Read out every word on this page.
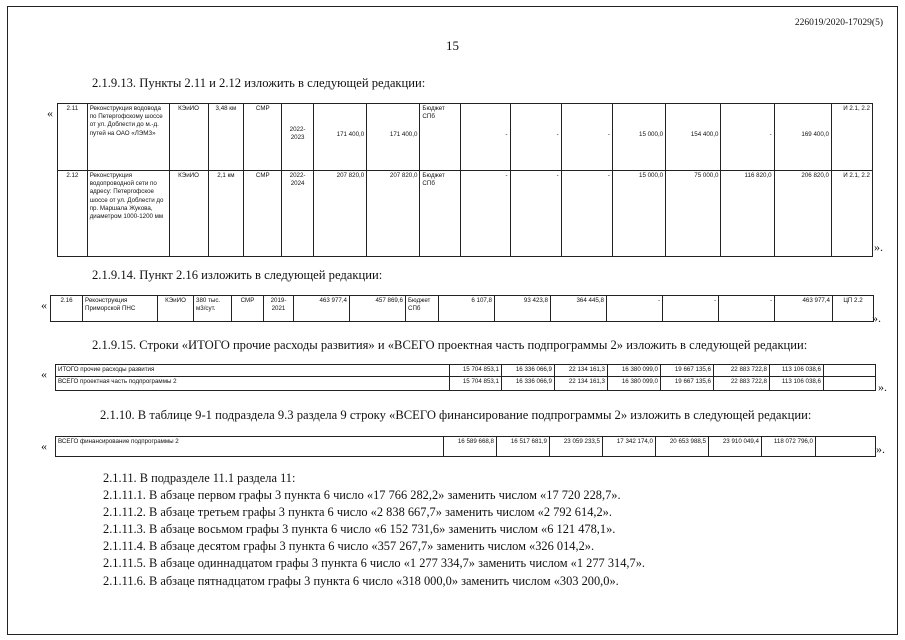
226019/2020-17029(5)
15
2.1.9.13. Пункты 2.11 и 2.12 изложить в следующей редакции:
« 2.11	Реконструкция водовода по Петергофскому шоссе от ул. Доблести до м.-д. путей на ОАО «ЛЭМЗ»	КЭиИО	3,48 км	СМР	2022-2023	171 400,0	171 400,0	Бюджет СПб	-	-	-	15 000,0	154 400,0	-	169 400,0	И 2.1, 2.2
2.12	Реконструкция водопроводной сети по адресу: Петергофское шоссе от ул. Доблести до пр. Маршала Жукова, диаметром 1000-1200 мм	КЭиИО	2,1 км	СМР	2022-2024	207 820,0	207 820,0	Бюджет СПб	-	-	-	15 000,0	75 000,0	116 820,0	206 820,0	И 2.1, 2.2
».
2.1.9.14. Пункт 2.16 изложить в следующей редакции:
« 2.16	Реконструкция Приморской ПНС	КЭиИО	380 тыс. м3/сут.	СМР	2019-2021	463 977,4	457 869,6	Бюджет СПб	6 107,8	93 423,8	364 445,8	-	-	-	463 977,4	ЦП 2.2
».
2.1.9.15. Строки «ИТОГО прочие расходы развития» и «ВСЕГО проектная часть подпрограммы 2» изложить в следующей редакции:
« ИТОГО прочие расходы развития	15 704 853,1	16 336 066,9	22 134 161,3	16 380 099,0	19 667 135,6	22 883 722,8	113 106 038,6	
ВСЕГО проектная часть подпрограммы 2	15 704 853,1	16 336 066,9	22 134 161,3	16 380 099,0	19 667 135,6	22 883 722,8	113 106 038,6		».
2.1.10. В таблице 9-1 подраздела 9.3 раздела 9 строку «ВСЕГО финансирование подпрограммы 2» изложить в следующей редакции:
« ВСЕГО финансирование подпрограммы 2	16 589 668,8	16 517 681,9	23 059 233,5	17 342 174,0	20 653 988,5	23 910 049,4	118 072 796,0	
».
2.1.11. В подразделе 11.1 раздела 11:
2.1.11.1. В абзаце первом графы 3 пункта 6 число «17 766 282,2» заменить числом «17 720 228,7».
2.1.11.2. В абзаце третьем графы 3 пункта 6 число «2 838 667,7» заменить числом «2 792 614,2».
2.1.11.3. В абзаце восьмом графы 3 пункта 6 число «6 152 731,6» заменить числом «6 121 478,1».
2.1.11.4. В абзаце десятом графы 3 пункта 6 число «357 267,7» заменить числом «326 014,2».
2.1.11.5. В абзаце одиннадцатом графы 3 пункта 6 число «1 277 334,7» заменить числом «1 277 314,7».
2.1.11.6. В абзаце пятнадцатом графы 3 пункта 6 число «318 000,0» заменить числом «303 200,0».
